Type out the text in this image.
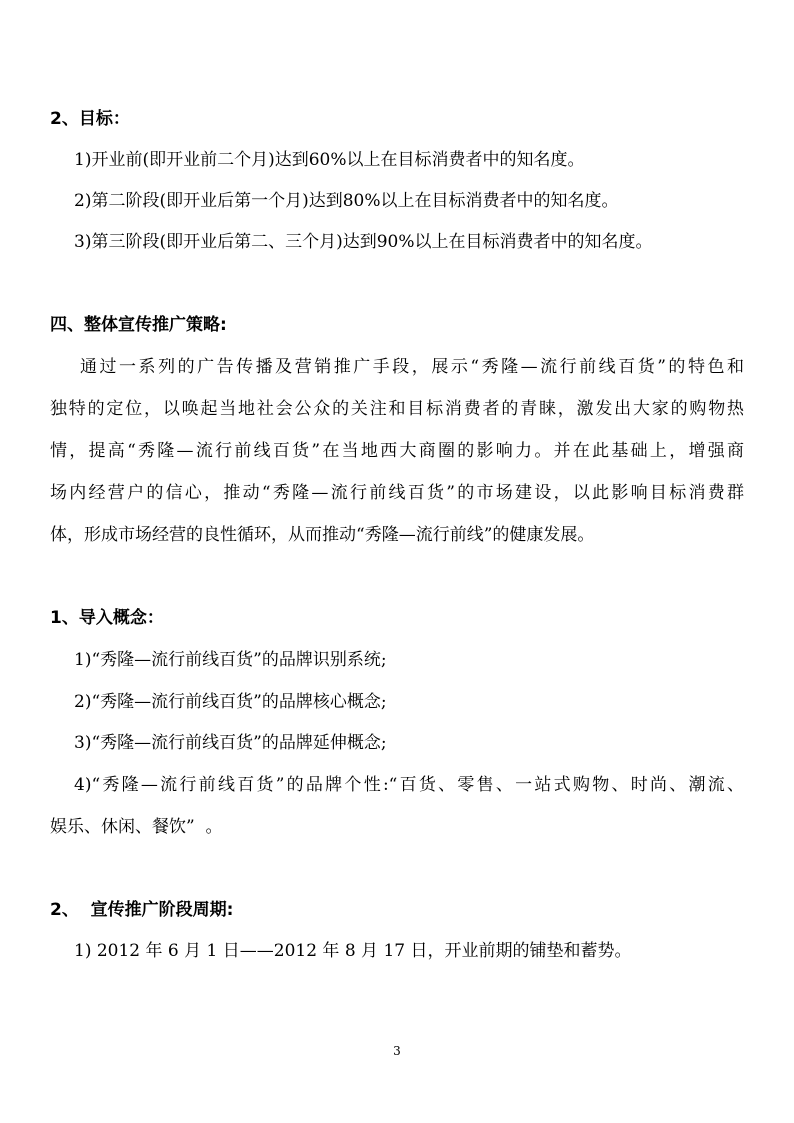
2、目标：
1)开业前(即开业前二个月)达到60%以上在目标消费者中的知名度。
2)第二阶段(即开业后第一个月)达到80%以上在目标消费者中的知名度。
3)第三阶段(即开业后第二、三个月)达到90%以上在目标消费者中的知名度。
四、整体宣传推广策略:
通过一系列的广告传播及营销推广手段，展示“秀隆—流行前线百货”的特色和
独特的定位，以唤起当地社会公众的关注和目标消费者的青睐，激发出大家的购物热
情，提高“秀隆—流行前线百货”在当地西大商圈的影响力。并在此基础上，增强商
场内经营户的信心，推动“秀隆—流行前线百货”的市场建设，以此影响目标消费群
体，形成市场经营的良性循环，从而推动“秀隆—流行前线”的健康发展。
1、导入概念：
1)“秀隆—流行前线百货”的品牌识别系统;
2)“秀隆—流行前线百货”的品牌核心概念;
3)“秀隆—流行前线百货”的品牌延伸概念;
4)“秀隆—流行前线百货”的品牌个性:“百货、零售、一站式购物、时尚、潮流、
娱乐、休闲、餐饮”  。
2、  宣传推广阶段周期:
1) 2012 年 6 月 1 日——2012 年 8 月 17 日，开业前期的铺垫和蓄势。
3
